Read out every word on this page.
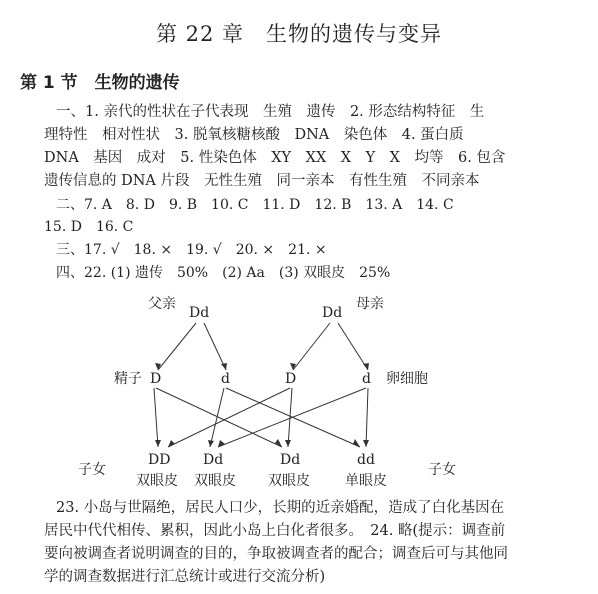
第 22 章　生物的遗传与变异
第 1 节　生物的遗传
一、1. 亲代的性状在子代表现　生殖　遗传　2. 形态结构特征　生
理特性　相对性状　3. 脱氧核糖核酸　DNA　染色体　4. 蛋白质
DNA　基因　成对　5. 性染色体　XY　XX　X　Y　X　均等　6. 包含
遗传信息的 DNA 片段　无性生殖　同一亲本　有性生殖　不同亲本
二、7. A　8. D　9. B　10. C　11. D　12. B　13. A　14. C
15. D　16. C
三、17. √　18. ×　19. √　20. ×　21. ×
四、22. (1) 遗传　50%　(2) Aa　(3) 双眼皮　25%
父亲
Dd	Dd
母亲
精子 D	d	D	d 卵细胞
DD Dd	Dd	dd
子女	子女
双眼皮 双眼皮 双眼皮	单眼皮
23. 小岛与世隔绝，居民人口少，长期的近亲婚配，造成了白化基因在
居民中代代相传、累积，因此小岛上白化者很多。　24. 略(提示：调查前
要向被调查者说明调查的目的，争取被调查者的配合；调查后可与其他同
学的调查数据进行汇总统计或进行交流分析)
